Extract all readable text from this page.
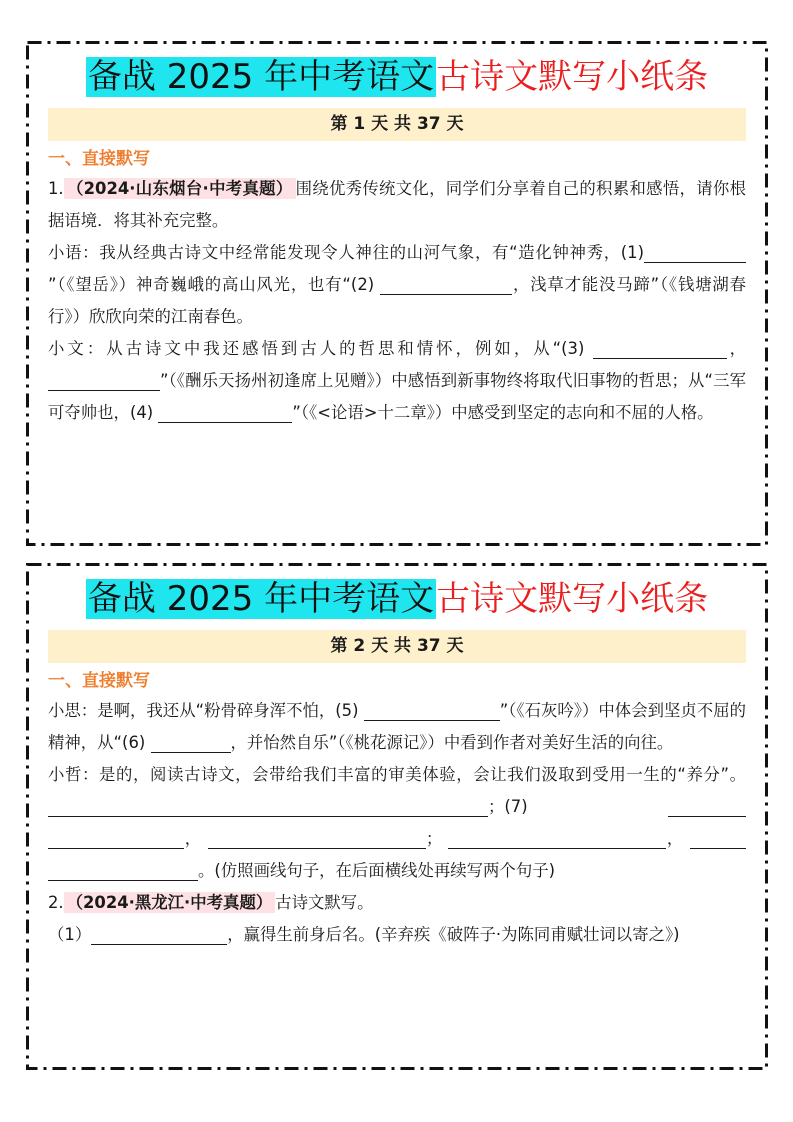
备战 2025 年中考语文古诗文默写小纸条
第 1 天 共 37 天
一、直接默写
1. （2024·山东烟台·中考真题） 围绕优秀传统文化，同学们分享着自己的积累和感悟，请你根据语境．将其补充完整。
小语：我从经典古诗文中经常能发现令人神往的山河气象，有“造化钟神秀，(1)”（《望岳》）神奇巍峨的高山风光，也有“(2)	，浅草才能没马蹄”（《钱塘湖春行》）欣欣向荣的江南春色。
小文：从古诗文中我还感悟到古人的哲思和情怀，例如，从“(3)	，”（《酬乐天扬州初逢席上见赠》）中感悟到新事物终将取代旧事物的哲思；从“三军可夺帅也，(4)	”（《<论语>十二章》）中感受到坚定的志向和不屈的人格。
备战 2025 年中考语文古诗文默写小纸条
第 2 天 共 37 天
一、直接默写
小思：是啊，我还从“粉骨碎身浑不怕，(5)	”（《石灰吟》）中体会到坚贞不屈的精神，从“(6)	，并怡然自乐”（《桃花源记》）中看到作者对美好生活的向往。
小哲：是的，阅读古诗文，会带给我们丰富的审美体验，会让我们汲取到受用一生的“养分”。；(7) ，	；	， 。(仿照画线句子，在后面横线处再续写两个句子)
2. （2024·黑龙江·中考真题） 古诗文默写。
（1）	，赢得生前身后名。(辛弃疾《破阵子·为陈同甫赋壮词以寄之》)
